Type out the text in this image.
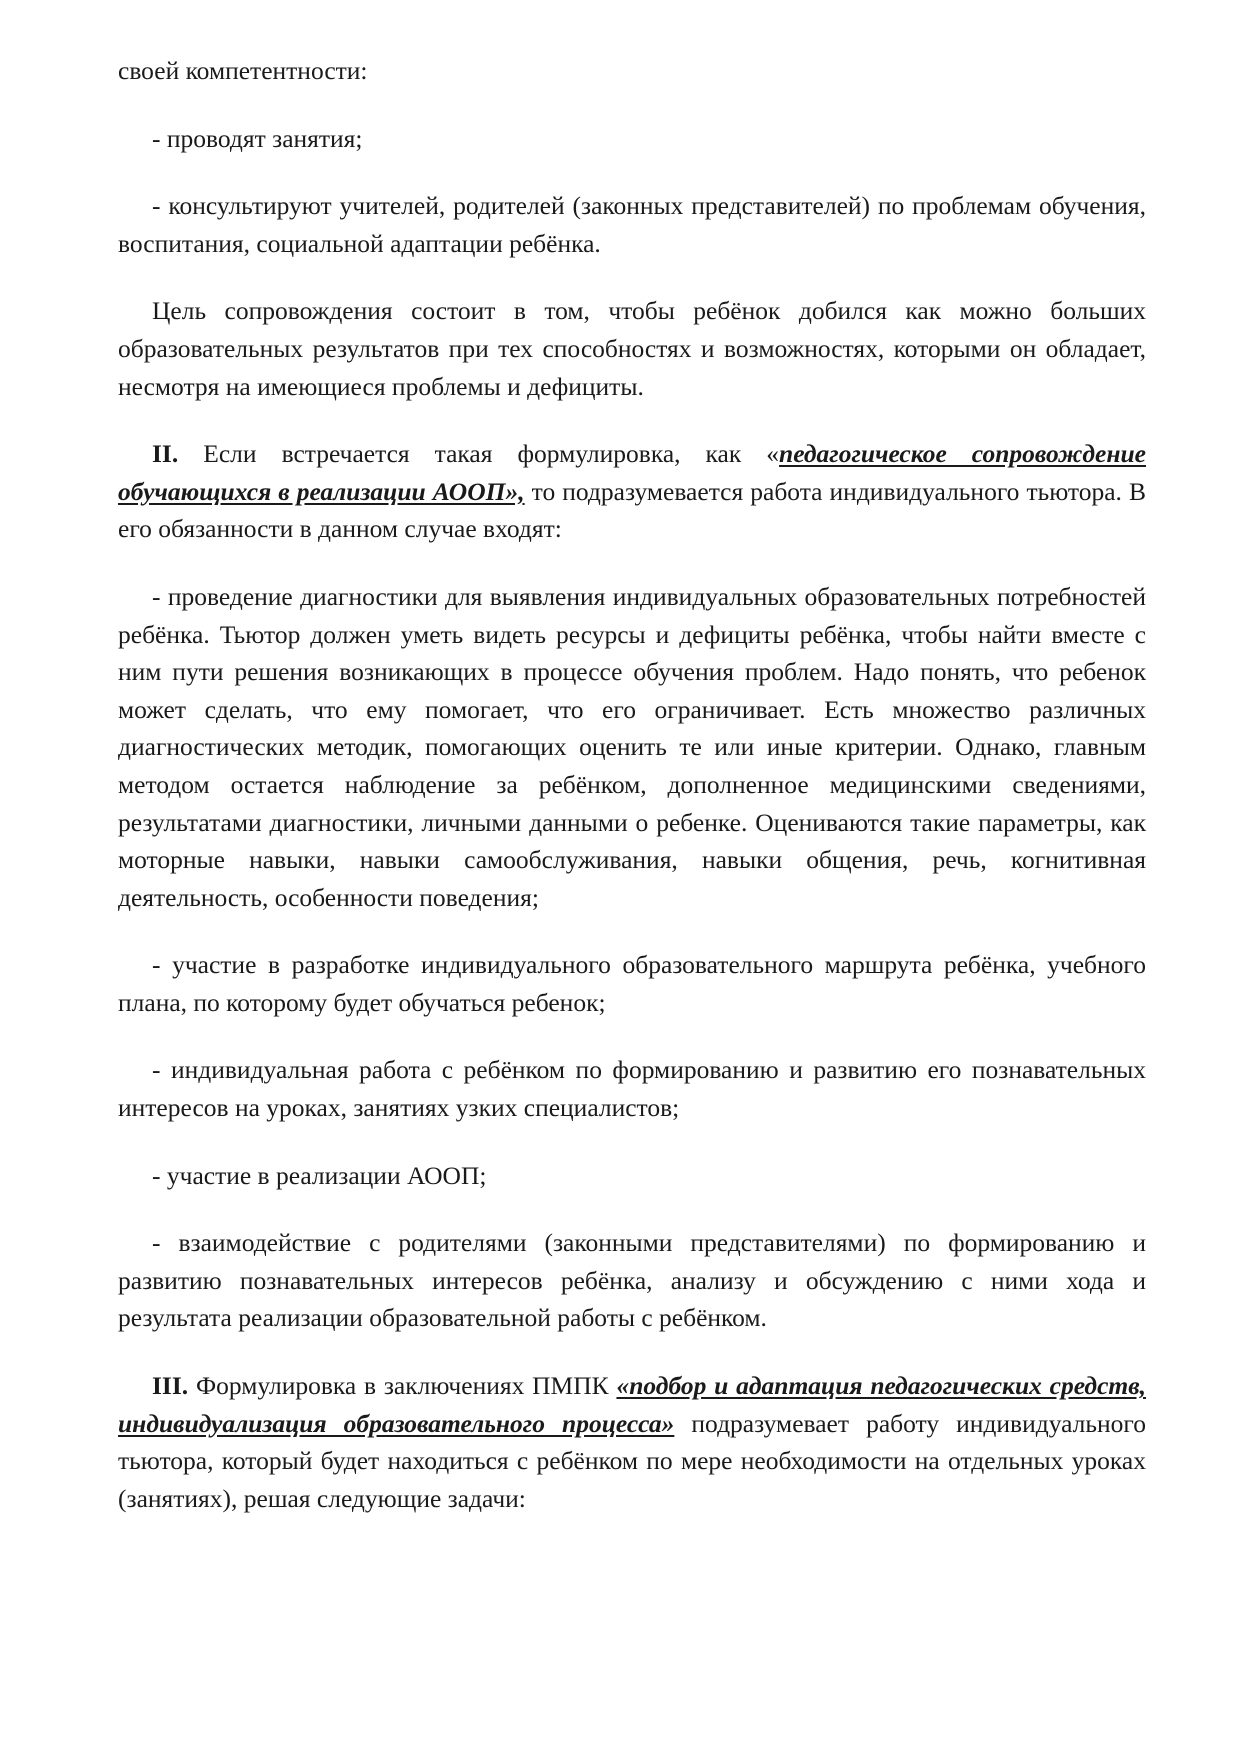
своей компетентности:

- проводят занятия;

- консультируют учителей, родителей (законных представителей) по проблемам обучения, воспитания, социальной адаптации ребёнка.

Цель сопровождения состоит в том, чтобы ребёнок добился как можно больших образовательных результатов при тех способностях и возможностях, которыми он обладает, несмотря на имеющиеся проблемы и дефициты.

II. Если встречается такая формулировка, как «педагогическое сопровождение обучающихся в реализации АООП», то подразумевается работа индивидуального тьютора. В его обязанности в данном случае входят:

- проведение диагностики для выявления индивидуальных образовательных потребностей ребёнка. Тьютор должен уметь видеть ресурсы и дефициты ребёнка, чтобы найти вместе с ним пути решения возникающих в процессе обучения проблем. Надо понять, что ребенок может сделать, что ему помогает, что его ограничивает. Есть множество различных диагностических методик, помогающих оценить те или иные критерии. Однако, главным методом остается наблюдение за ребёнком, дополненное медицинскими сведениями, результатами диагностики, личными данными о ребенке. Оцениваются такие параметры, как моторные навыки, навыки самообслуживания, навыки общения, речь, когнитивная деятельность, особенности поведения;

- участие в разработке индивидуального образовательного маршрута ребёнка, учебного плана, по которому будет обучаться ребенок;

- индивидуальная работа с ребёнком по формированию и развитию его познавательных интересов на уроках, занятиях узких специалистов;

- участие в реализации АООП;

- взаимодействие с родителями (законными представителями) по формированию и развитию познавательных интересов ребёнка, анализу и обсуждению с ними хода и результата реализации образовательной работы с ребёнком.

III. Формулировка в заключениях ПМПК «подбор и адаптация педагогических средств, индивидуализация образовательного процесса» подразумевает работу индивидуального тьютора, который будет находиться с ребёнком по мере необходимости на отдельных уроках (занятиях), решая следующие задачи:
